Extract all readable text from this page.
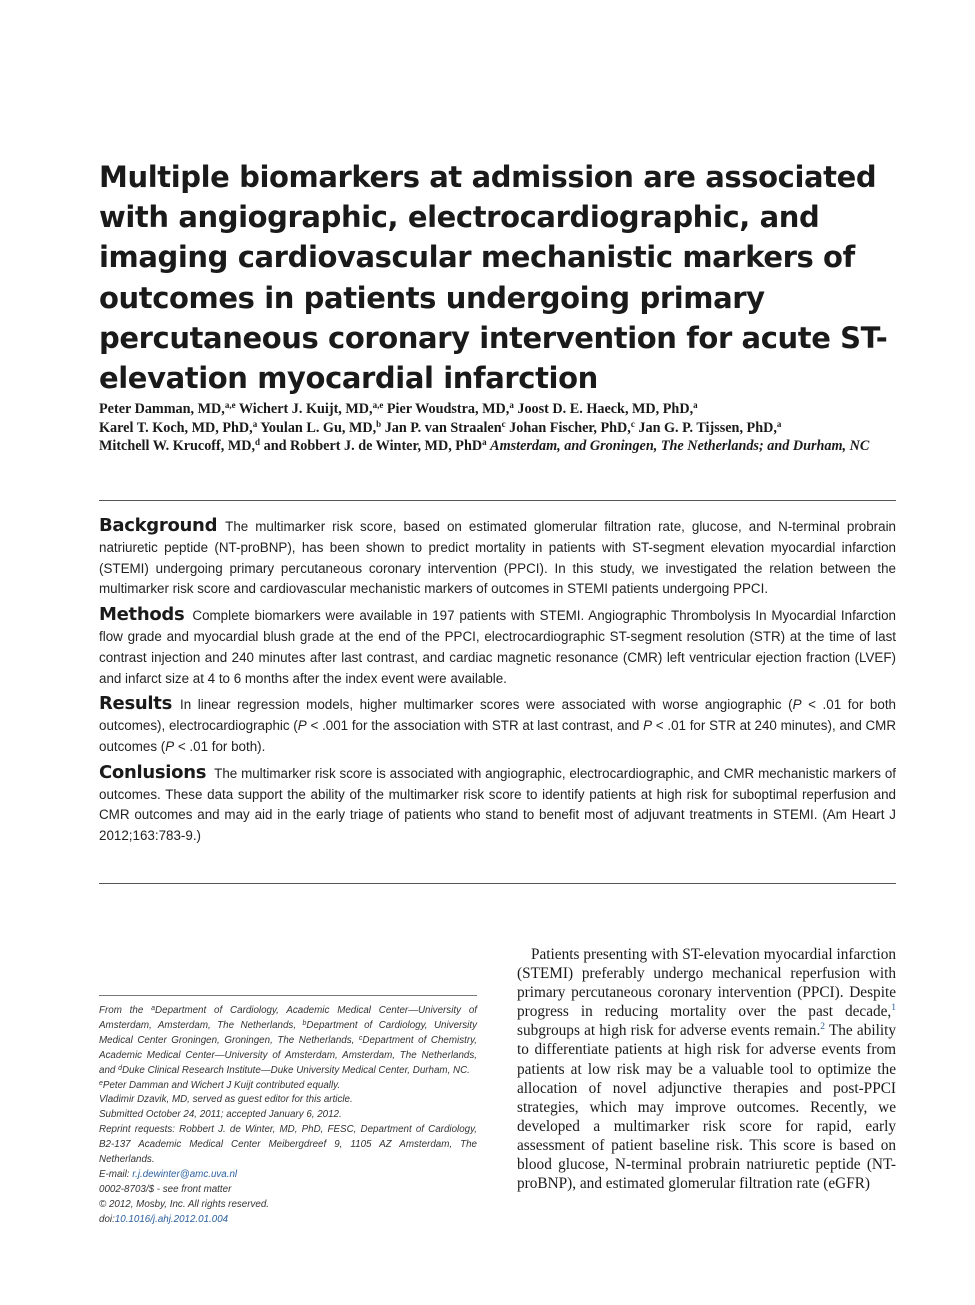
Multiple biomarkers at admission are associated with angiographic, electrocardiographic, and imaging cardiovascular mechanistic markers of outcomes in patients undergoing primary percutaneous coronary intervention for acute ST-elevation myocardial infarction

Peter Damman, MD,$^{a,e}$ Wichert J. Kuijt, MD,$^{a,e}$ Pier Woudstra, MD,$^a$ Joost D. E. Haeck, MD, PhD,$^a$
Karel T. Koch, MD, PhD,$^a$ Youlan L. Gu, MD,$^b$ Jan P. van Straalen$^c$ Johan Fischer, PhD,$^c$ Jan G. P. Tijssen, PhD,$^a$
Mitchell W. Krucoff, MD,$^d$ and Robbert J. de Winter, MD, PhD$^a$ Amsterdam, and Groningen, The Netherlands; and Durham, NC

Background The multimarker risk score, based on estimated glomerular filtration rate, glucose, and N-terminal probrain natriuretic peptide (NT-proBNP), has been shown to predict mortality in patients with ST-segment elevation myocardial infarction (STEMI) undergoing primary percutaneous coronary intervention (PPCI). In this study, we investigated the relation between the multimarker risk score and cardiovascular mechanistic markers of outcomes in STEMI patients undergoing PPCI.

Methods Complete biomarkers were available in 197 patients with STEMI. Angiographic Thrombolysis In Myocardial Infarction flow grade and myocardial blush grade at the end of the PPCI, electrocardiographic ST-segment resolution (STR) at the time of last contrast injection and 240 minutes after last contrast, and cardiac magnetic resonance (CMR) left ventricular ejection fraction (LVEF) and infarct size at 4 to 6 months after the index event were available.

Results In linear regression models, higher multimarker scores were associated with worse angiographic (P < .01 for both outcomes), electrocardiographic (P < .001 for the association with STR at last contrast, and P < .01 for STR at 240 minutes), and CMR outcomes (P < .01 for both).

Conlusions The multimarker risk score is associated with angiographic, electrocardiographic, and CMR mechanistic markers of outcomes. These data support the ability of the multimarker risk score to identify patients at high risk for suboptimal reperfusion and CMR outcomes and may aid in the early triage of patients who stand to benefit most of adjuvant treatments in STEMI. (Am Heart J 2012;163:783-9.)

From the $^a$Department of Cardiology, Academic Medical Center—University of Amsterdam, Amsterdam, The Netherlands, $^b$Department of Cardiology, University Medical Center Groningen, Groningen, The Netherlands, $^c$Department of Chemistry, Academic Medical Center—University of Amsterdam, Amsterdam, The Netherlands, and $^d$Duke Clinical Research Institute—Duke University Medical Center, Durham, NC.
$^e$Peter Damman and Wichert J Kuijt contributed equally.
Vladimir Dzavik, MD, served as guest editor for this article.
Submitted October 24, 2011; accepted January 6, 2012.
Reprint requests: Robbert J. de Winter, MD, PhD, FESC, Department of Cardiology, B2-137 Academic Medical Center Meibergdreef 9, 1105 AZ Amsterdam, The Netherlands.
E-mail: r.j.dewinter@amc.uva.nl
0002-8703/$ - see front matter
© 2012, Mosby, Inc. All rights reserved.
doi:10.1016/j.ahj.2012.01.004

Patients presenting with ST-elevation myocardial infarction (STEMI) preferably undergo mechanical reperfusion with primary percutaneous coronary intervention (PPCI). Despite progress in reducing mortality over the past decade,$^1$ subgroups at high risk for adverse events remain.$^2$ The ability to differentiate patients at high risk for adverse events from patients at low risk may be a valuable tool to optimize the allocation of novel adjunctive therapies and post-PPCI strategies, which may improve outcomes. Recently, we developed a multimarker risk score for rapid, early assessment of patient baseline risk. This score is based on blood glucose, N-terminal probrain natriuretic peptide (NT-proBNP), and estimated glomerular filtration rate (eGFR)
